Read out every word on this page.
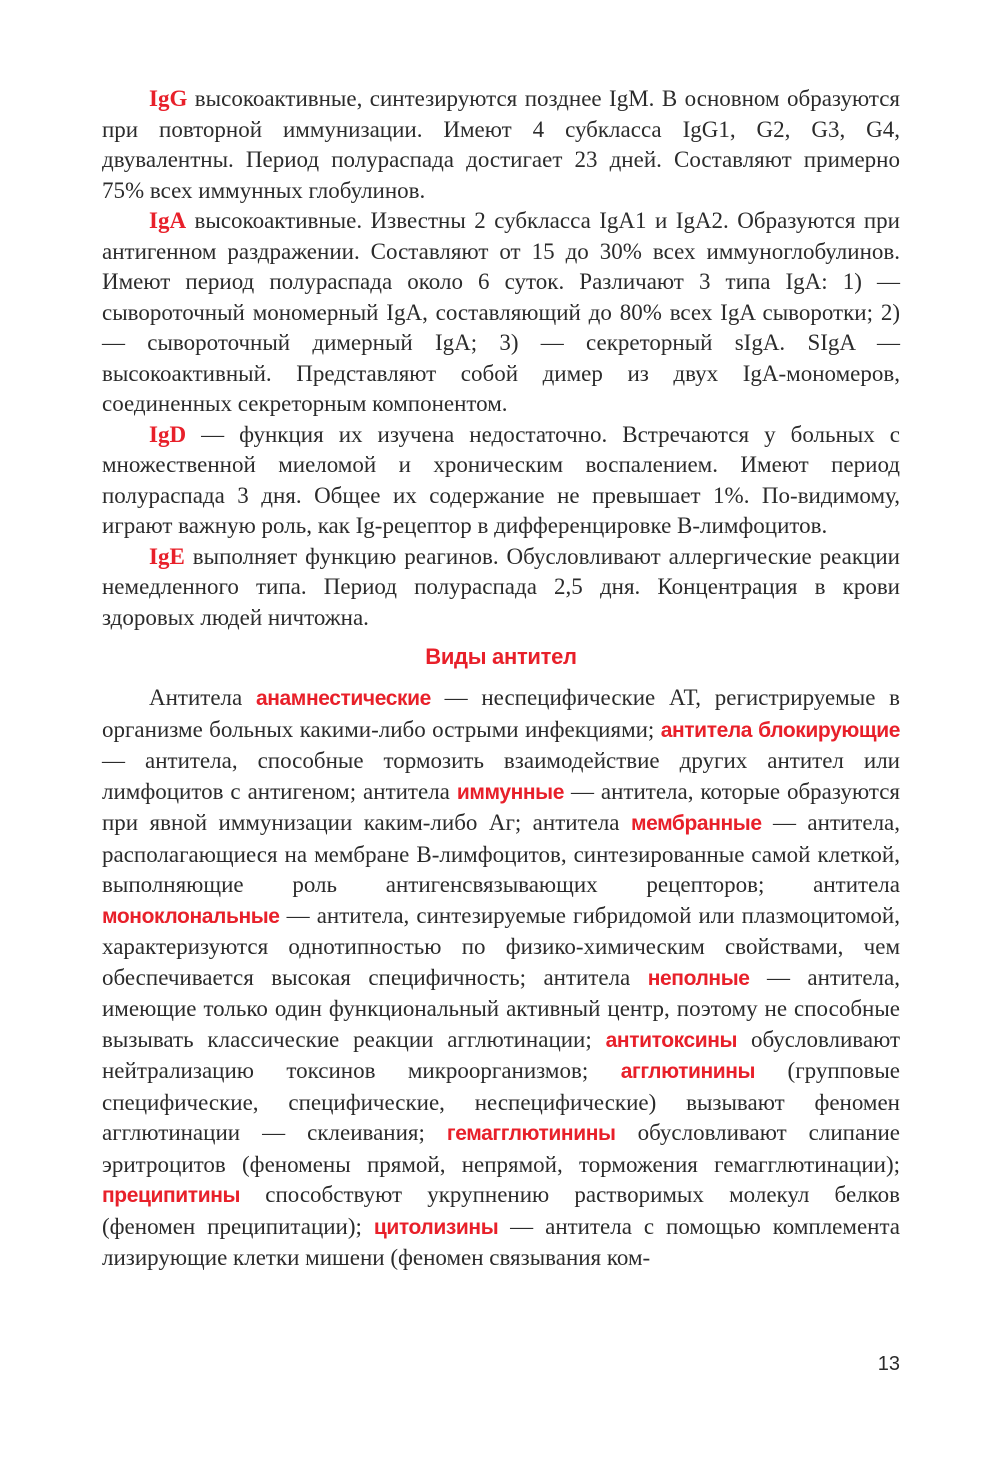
IgG высокоактивные, синтезируются позднее IgM. В основном образуются при повторной иммунизации. Имеют 4 субкласса IgG1, G2, G3, G4, двувалентны. Период полураспада достигает 23 дней. Составляют примерно 75% всех иммунных глобулинов.

IgA высокоактивные. Известны 2 субкласса IgA1 и IgA2. Образуются при антигенном раздражении. Составляют от 15 до 30% всех иммуноглобулинов. Имеют период полураспада около 6 суток. Различают 3 типа IgA: 1) — сывороточный мономерный IgA, составляющий до 80% всех IgA сыворотки; 2) — сывороточный димерный IgA; 3) — секреторный sIgA. SIgA — высокоактивный. Представляют собой димер из двух IgA-мономеров, соединенных секреторным компонентом.

IgD — функция их изучена недостаточно. Встречаются у больных с множественной миеломой и хроническим воспалением. Имеют период полураспада 3 дня. Общее их содержание не превышает 1%. По-видимому, играют важную роль, как Ig-рецептор в дифференцировке В-лимфоцитов.

IgE выполняет функцию реагинов. Обусловливают аллергические реакции немедленного типа. Период полураспада 2,5 дня. Концентрация в крови здоровых людей ничтожна.

Виды антител

Антитела анамнестические — неспецифические АТ, регистрируемые в организме больных какими-либо острыми инфекциями; антитела блокирующие — антитела, способные тормозить взаимодействие других антител или лимфоцитов с антигеном; антитела иммунные — антитела, которые образуются при явной иммунизации каким-либо Аг; антитела мембранные — антитела, располагающиеся на мембране В-лимфоцитов, синтезированные самой клеткой, выполняющие роль антигенсвязывающих рецепторов; антитела моноклональные — антитела, синтезируемые гибридомой или плазмоцитомой, характеризуются однотипностью по физико-химическим свойствами, чем обеспечивается высокая специфичность; антитела неполные — антитела, имеющие только один функциональный активный центр, поэтому не способные вызывать классические реакции агглютинации; антитоксины обусловливают нейтрализацию токсинов микроорганизмов; агглютинины (групповые специфические, специфические, неспецифические) вызывают феномен агглютинации — склеивания; гемагглютинины обусловливают слипание эритроцитов (феномены прямой, непрямой, торможения гемагглютинации); преципитины способствуют укрупнению растворимых молекул белков (феномен преципитации); цитолизины — антитела с помощью комплемента лизирующие клетки мишени (феномен связывания ком-

13
